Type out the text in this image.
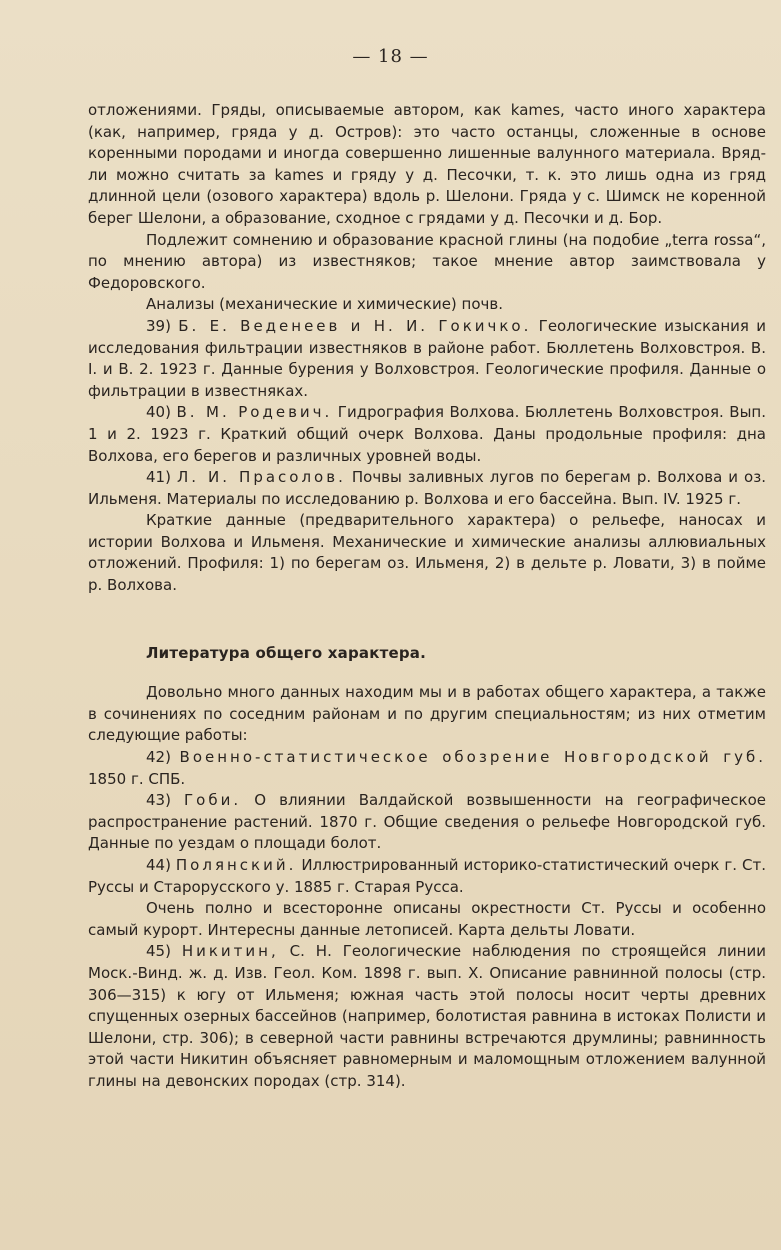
— 18 —

отложениями. Гряды, описываемые автором, как kames, часто иного характера (как, например, гряда у д. Остров): это часто останцы, сложенные в основе коренными породами и иногда совершенно лишенные валунного материала. Вряд-ли можно считать за kames и гряду у д. Песочки, т. к. это лишь одна из гряд длинной цели (озового характера) вдоль р. Шелони. Гряда у с. Шимск не коренной берег Шелони, а образование, сходное с грядами у д. Песочки и д. Бор.

Подлежит сомнению и образование красной глины (на подобие „terra rossa“, по мнению автора) из известняков; такое мнение автор заимствовала у Федоровского.

Анализы (механические и химические) почв.

39) Б. Е. Веденеев и Н. И. Гокичко. Геологические изыскания и исследования фильтрации известняков в районе работ. Бюллетень Волховстроя. В. I. и В. 2. 1923 г. Данные бурения у Волховстроя. Геологические профиля. Данные о фильтрации в известняках.

40) В. М. Родевич. Гидрография Волхова. Бюллетень Волховстроя. Вып. 1 и 2. 1923 г. Краткий общий очерк Волхова. Даны продольные профиля: дна Волхова, его берегов и различных уровней воды.

41) Л. И. Прасолов. Почвы заливных лугов по берегам р. Волхова и оз. Ильменя. Материалы по исследованию р. Волхова и его бассейна. Вып. IV. 1925 г.

Краткие данные (предварительного характера) о рельефе, наносах и истории Волхова и Ильменя. Механические и химические анализы аллювиальных отложений. Профиля: 1) по берегам оз. Ильменя, 2) в дельте р. Ловати, 3) в пойме р. Волхова.

Литература общего характера.

Довольно много данных находим мы и в работах общего характера, а также в сочинениях по соседним районам и по другим специальностям; из них отметим следующие работы:

42) Военно-статистическое обозрение Новгородской губ. 1850 г. СПБ.

43) Гоби. О влиянии Валдайской возвышенности на географическое распространение растений. 1870 г. Общие сведения о рельефе Новгородской губ. Данные по уездам о площади болот.

44) Полянский. Иллюстрированный историко-статистический очерк г. Ст. Руссы и Старорусского у. 1885 г. Старая Русса.

Очень полно и всесторонне описаны окрестности Ст. Руссы и особенно самый курорт. Интересны данные летописей. Карта дельты Ловати.

45) Никитин, С. Н. Геологические наблюдения по строящейся линии Моск.-Винд. ж. д. Изв. Геол. Ком. 1898 г. вып. X. Описание равнинной полосы (стр. 306—315) к югу от Ильменя; южная часть этой полосы носит черты древних спущенных озерных бассейнов (например, болотистая равнина в истоках Полисти и Шелони, стр. 306); в северной части равнины встречаются друмлины; равнинность этой части Никитин объясняет равномерным и маломощным отложением валунной глины на девонских породах (стр. 314).
